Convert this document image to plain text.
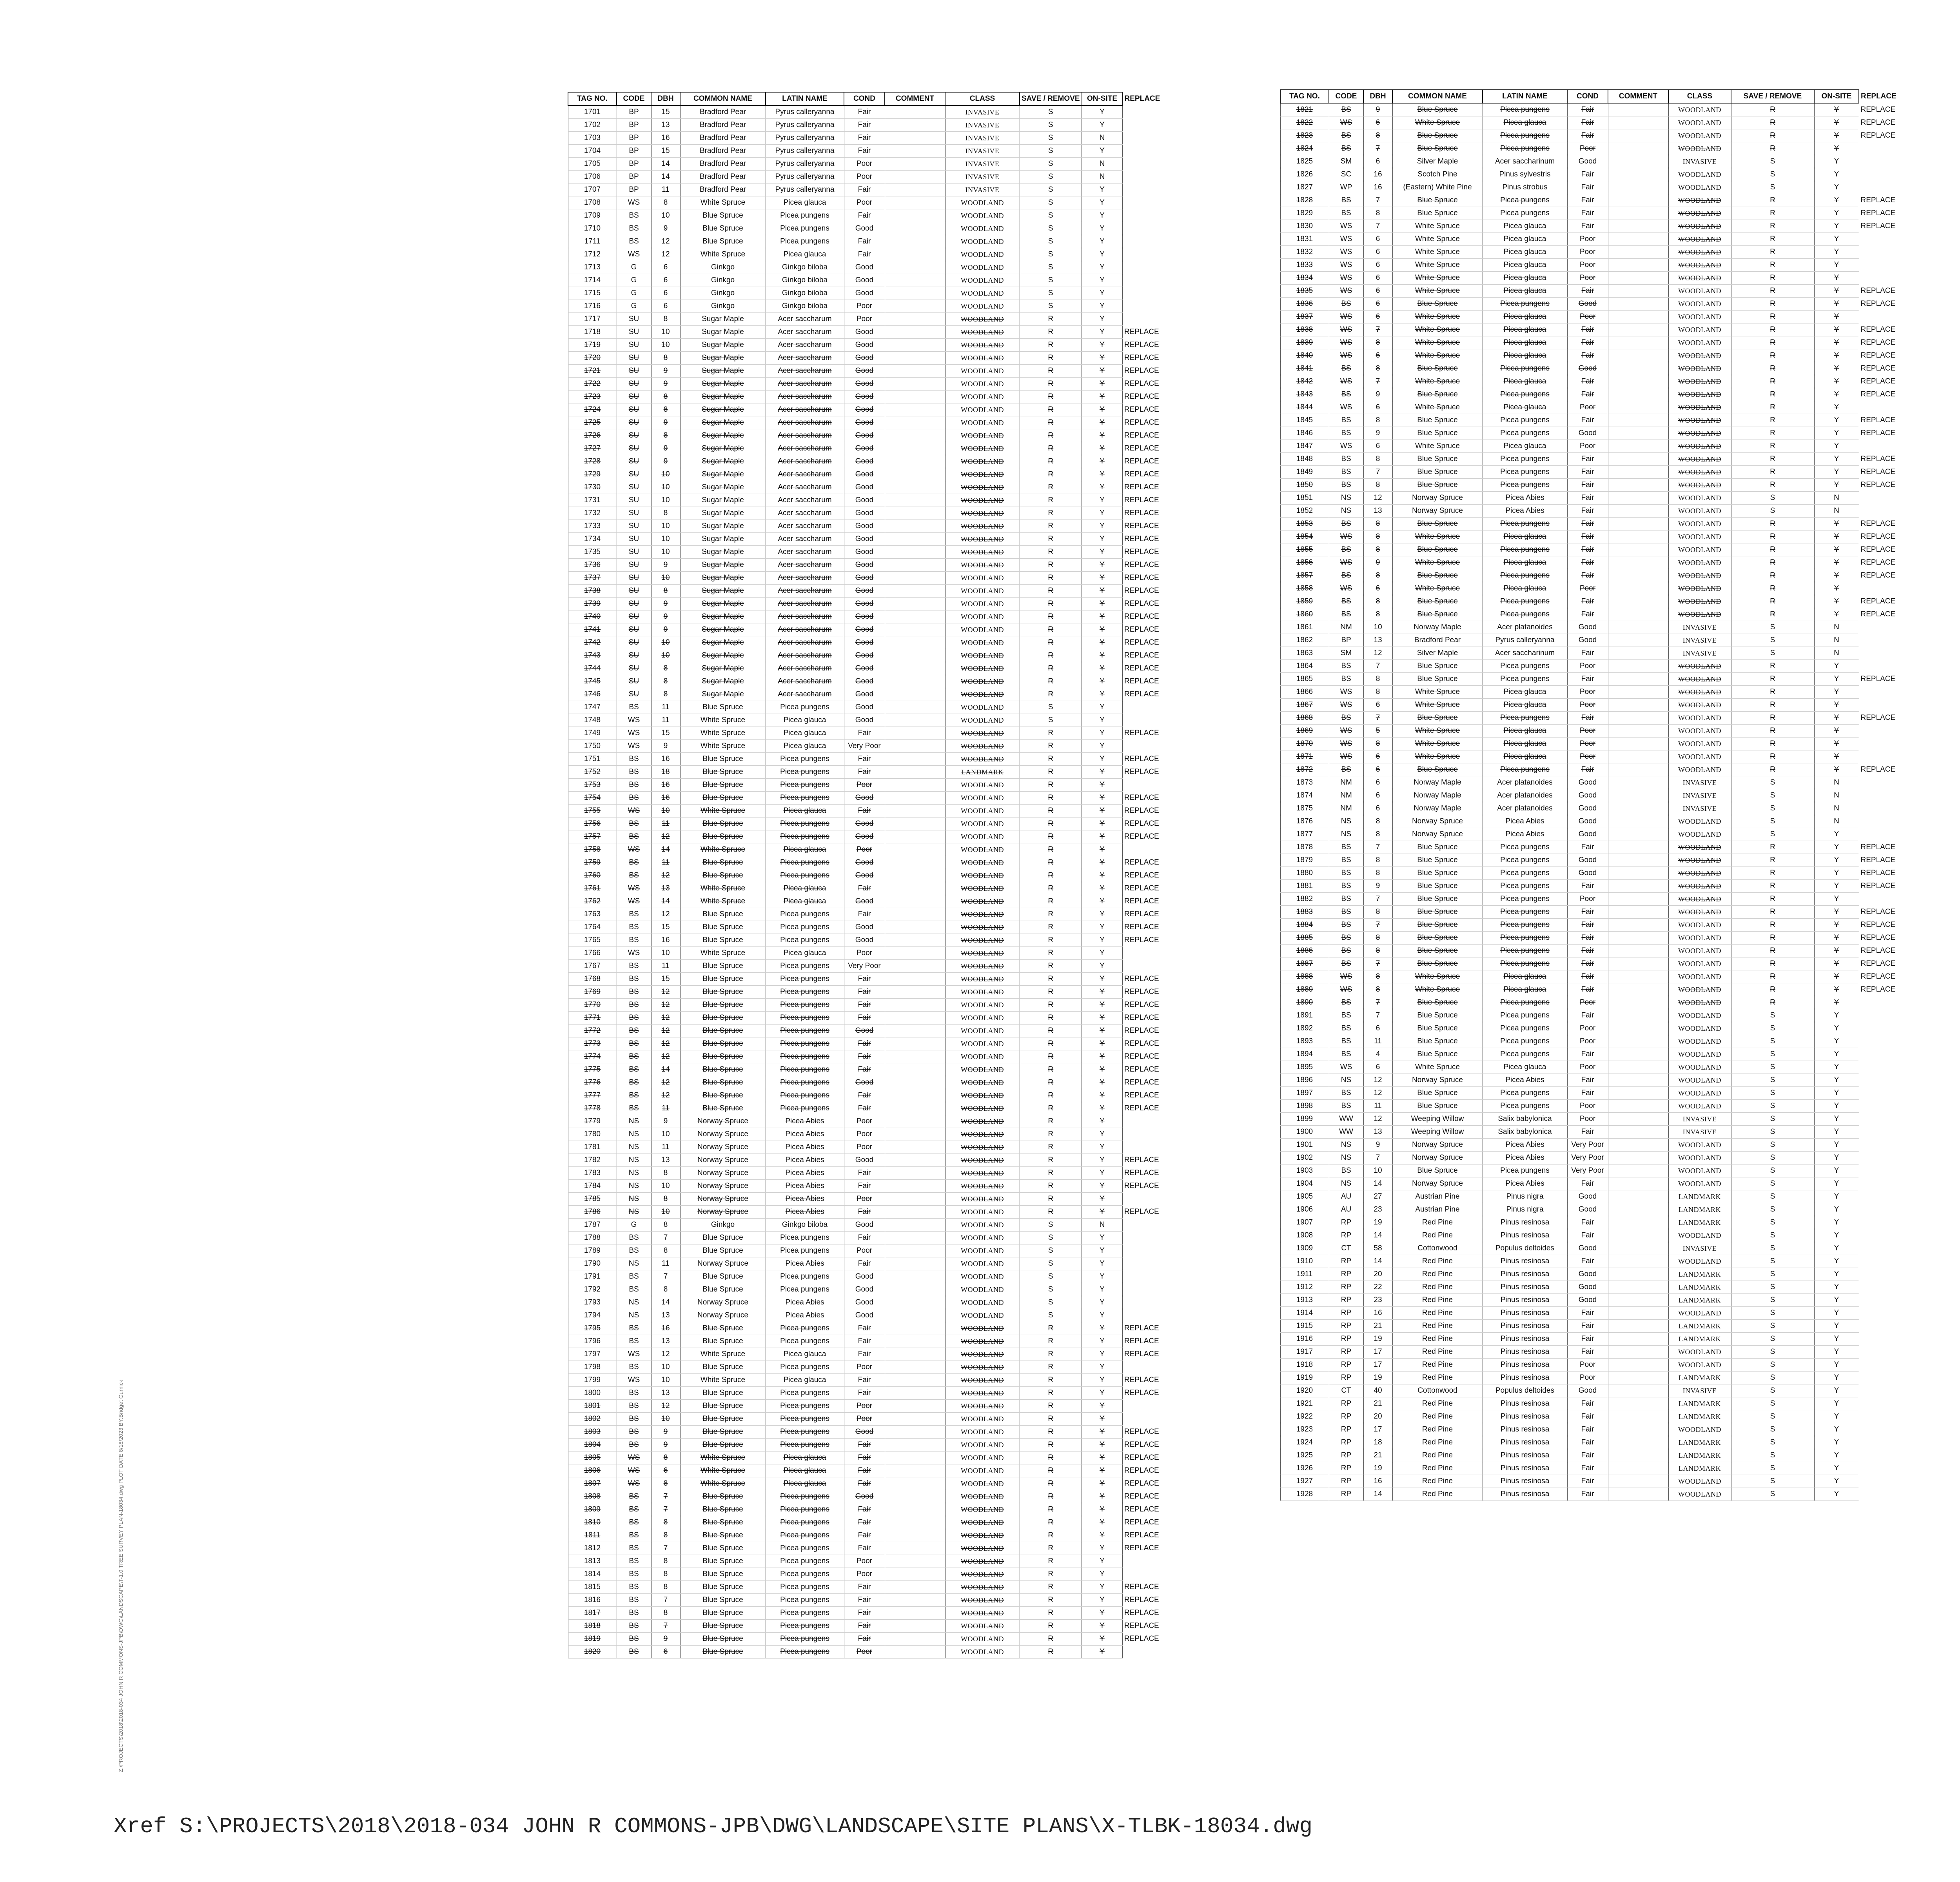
TAG NO.	CODE	DBH	COMMON NAME	LATIN NAME	COND	COMMENT	CLASS	SAVE / REMOVE	ON-SITE	REPLACE
1701	BP	15	Bradford Pear	Pyrus calleryanna	Fair		INVASIVE	S	Y	
1702	BP	13	Bradford Pear	Pyrus calleryanna	Fair		INVASIVE	S	Y	
1703	BP	16	Bradford Pear	Pyrus calleryanna	Fair		INVASIVE	S	N	
1704	BP	15	Bradford Pear	Pyrus calleryanna	Fair		INVASIVE	S	Y	
1705	BP	14	Bradford Pear	Pyrus calleryanna	Poor		INVASIVE	S	N	
1706	BP	14	Bradford Pear	Pyrus calleryanna	Poor		INVASIVE	S	N	
1707	BP	11	Bradford Pear	Pyrus calleryanna	Fair		INVASIVE	S	Y	
1708	WS	8	White Spruce	Picea glauca	Poor		WOODLAND	S	Y	
1709	BS	10	Blue Spruce	Picea pungens	Fair		WOODLAND	S	Y	
1710	BS	9	Blue Spruce	Picea pungens	Good		WOODLAND	S	Y	
1711	BS	12	Blue Spruce	Picea pungens	Fair		WOODLAND	S	Y	
1712	WS	12	White Spruce	Picea glauca	Fair		WOODLAND	S	Y	
1713	G	6	Ginkgo	Ginkgo biloba	Good		WOODLAND	S	Y	
1714	G	6	Ginkgo	Ginkgo biloba	Good		WOODLAND	S	Y	
1715	G	6	Ginkgo	Ginkgo biloba	Good		WOODLAND	S	Y	
1716	G	6	Ginkgo	Ginkgo biloba	Poor		WOODLAND	S	Y	
1717	SU	8	Sugar Maple	Acer saccharum	Poor		WOODLAND	R	Y	
1718	SU	10	Sugar Maple	Acer saccharum	Good		WOODLAND	R	Y	REPLACE
1719	SU	10	Sugar Maple	Acer saccharum	Good		WOODLAND	R	Y	REPLACE
1720	SU	8	Sugar Maple	Acer saccharum	Good		WOODLAND	R	Y	REPLACE
1721	SU	9	Sugar Maple	Acer saccharum	Good		WOODLAND	R	Y	REPLACE
1722	SU	9	Sugar Maple	Acer saccharum	Good		WOODLAND	R	Y	REPLACE
1723	SU	8	Sugar Maple	Acer saccharum	Good		WOODLAND	R	Y	REPLACE
1724	SU	8	Sugar Maple	Acer saccharum	Good		WOODLAND	R	Y	REPLACE
1725	SU	9	Sugar Maple	Acer saccharum	Good		WOODLAND	R	Y	REPLACE
1726	SU	8	Sugar Maple	Acer saccharum	Good		WOODLAND	R	Y	REPLACE
1727	SU	9	Sugar Maple	Acer saccharum	Good		WOODLAND	R	Y	REPLACE
1728	SU	9	Sugar Maple	Acer saccharum	Good		WOODLAND	R	Y	REPLACE
1729	SU	10	Sugar Maple	Acer saccharum	Good		WOODLAND	R	Y	REPLACE
1730	SU	10	Sugar Maple	Acer saccharum	Good		WOODLAND	R	Y	REPLACE
1731	SU	10	Sugar Maple	Acer saccharum	Good		WOODLAND	R	Y	REPLACE
1732	SU	8	Sugar Maple	Acer saccharum	Good		WOODLAND	R	Y	REPLACE
1733	SU	10	Sugar Maple	Acer saccharum	Good		WOODLAND	R	Y	REPLACE
1734	SU	10	Sugar Maple	Acer saccharum	Good		WOODLAND	R	Y	REPLACE
1735	SU	10	Sugar Maple	Acer saccharum	Good		WOODLAND	R	Y	REPLACE
1736	SU	9	Sugar Maple	Acer saccharum	Good		WOODLAND	R	Y	REPLACE
1737	SU	10	Sugar Maple	Acer saccharum	Good		WOODLAND	R	Y	REPLACE
1738	SU	8	Sugar Maple	Acer saccharum	Good		WOODLAND	R	Y	REPLACE
1739	SU	9	Sugar Maple	Acer saccharum	Good		WOODLAND	R	Y	REPLACE
1740	SU	9	Sugar Maple	Acer saccharum	Good		WOODLAND	R	Y	REPLACE
1741	SU	9	Sugar Maple	Acer saccharum	Good		WOODLAND	R	Y	REPLACE
1742	SU	10	Sugar Maple	Acer saccharum	Good		WOODLAND	R	Y	REPLACE
1743	SU	10	Sugar Maple	Acer saccharum	Good		WOODLAND	R	Y	REPLACE
1744	SU	8	Sugar Maple	Acer saccharum	Good		WOODLAND	R	Y	REPLACE
1745	SU	8	Sugar Maple	Acer saccharum	Good		WOODLAND	R	Y	REPLACE
1746	SU	8	Sugar Maple	Acer saccharum	Good		WOODLAND	R	Y	REPLACE
1747	BS	11	Blue Spruce	Picea pungens	Good		WOODLAND	S	Y	
1748	WS	11	White Spruce	Picea glauca	Good		WOODLAND	S	Y	
1749	WS	15	White Spruce	Picea glauca	Fair		WOODLAND	R	Y	REPLACE
1750	WS	9	White Spruce	Picea glauca	Very Poor		WOODLAND	R	Y	
1751	BS	16	Blue Spruce	Picea pungens	Fair		WOODLAND	R	Y	REPLACE
1752	BS	18	Blue Spruce	Picea pungens	Fair		LANDMARK	R	Y	REPLACE
1753	BS	16	Blue Spruce	Picea pungens	Poor		WOODLAND	R	Y	
1754	BS	16	Blue Spruce	Picea pungens	Good		WOODLAND	R	Y	REPLACE
1755	WS	10	White Spruce	Picea glauca	Fair		WOODLAND	R	Y	REPLACE
1756	BS	11	Blue Spruce	Picea pungens	Good		WOODLAND	R	Y	REPLACE
1757	BS	12	Blue Spruce	Picea pungens	Good		WOODLAND	R	Y	REPLACE
1758	WS	14	White Spruce	Picea glauca	Poor		WOODLAND	R	Y	
1759	BS	11	Blue Spruce	Picea pungens	Good		WOODLAND	R	Y	REPLACE
1760	BS	12	Blue Spruce	Picea pungens	Good		WOODLAND	R	Y	REPLACE
1761	WS	13	White Spruce	Picea glauca	Fair		WOODLAND	R	Y	REPLACE
1762	WS	14	White Spruce	Picea glauca	Good		WOODLAND	R	Y	REPLACE
1763	BS	12	Blue Spruce	Picea pungens	Fair		WOODLAND	R	Y	REPLACE
1764	BS	15	Blue Spruce	Picea pungens	Good		WOODLAND	R	Y	REPLACE
1765	BS	16	Blue Spruce	Picea pungens	Good		WOODLAND	R	Y	REPLACE
1766	WS	10	White Spruce	Picea glauca	Poor		WOODLAND	R	Y	
1767	BS	11	Blue Spruce	Picea pungens	Very Poor		WOODLAND	R	Y	
1768	BS	15	Blue Spruce	Picea pungens	Fair		WOODLAND	R	Y	REPLACE
1769	BS	12	Blue Spruce	Picea pungens	Fair		WOODLAND	R	Y	REPLACE
1770	BS	12	Blue Spruce	Picea pungens	Fair		WOODLAND	R	Y	REPLACE
1771	BS	12	Blue Spruce	Picea pungens	Fair		WOODLAND	R	Y	REPLACE
1772	BS	12	Blue Spruce	Picea pungens	Good		WOODLAND	R	Y	REPLACE
1773	BS	12	Blue Spruce	Picea pungens	Fair		WOODLAND	R	Y	REPLACE
1774	BS	12	Blue Spruce	Picea pungens	Fair		WOODLAND	R	Y	REPLACE
1775	BS	14	Blue Spruce	Picea pungens	Fair		WOODLAND	R	Y	REPLACE
1776	BS	12	Blue Spruce	Picea pungens	Good		WOODLAND	R	Y	REPLACE
1777	BS	12	Blue Spruce	Picea pungens	Fair		WOODLAND	R	Y	REPLACE
1778	BS	11	Blue Spruce	Picea pungens	Fair		WOODLAND	R	Y	REPLACE
1779	NS	9	Norway Spruce	Picea Abies	Poor		WOODLAND	R	Y	
1780	NS	10	Norway Spruce	Picea Abies	Poor		WOODLAND	R	Y	
1781	NS	11	Norway Spruce	Picea Abies	Poor		WOODLAND	R	Y	
1782	NS	13	Norway Spruce	Picea Abies	Good		WOODLAND	R	Y	REPLACE
1783	NS	8	Norway Spruce	Picea Abies	Fair		WOODLAND	R	Y	REPLACE
1784	NS	10	Norway Spruce	Picea Abies	Fair		WOODLAND	R	Y	REPLACE
1785	NS	8	Norway Spruce	Picea Abies	Poor		WOODLAND	R	Y	
1786	NS	10	Norway Spruce	Picea Abies	Fair		WOODLAND	R	Y	REPLACE
1787	G	8	Ginkgo	Ginkgo biloba	Good		WOODLAND	S	N	
1788	BS	7	Blue Spruce	Picea pungens	Fair		WOODLAND	S	Y	
1789	BS	8	Blue Spruce	Picea pungens	Poor		WOODLAND	S	Y	
1790	NS	11	Norway Spruce	Picea Abies	Fair		WOODLAND	S	Y	
1791	BS	7	Blue Spruce	Picea pungens	Good		WOODLAND	S	Y	
1792	BS	8	Blue Spruce	Picea pungens	Good		WOODLAND	S	Y	
1793	NS	14	Norway Spruce	Picea Abies	Good		WOODLAND	S	Y	
1794	NS	13	Norway Spruce	Picea Abies	Good		WOODLAND	S	Y	
1795	BS	16	Blue Spruce	Picea pungens	Fair		WOODLAND	R	Y	REPLACE
1796	BS	13	Blue Spruce	Picea pungens	Fair		WOODLAND	R	Y	REPLACE
1797	WS	12	White Spruce	Picea glauca	Fair		WOODLAND	R	Y	REPLACE
1798	BS	10	Blue Spruce	Picea pungens	Poor		WOODLAND	R	Y	
1799	WS	10	White Spruce	Picea glauca	Fair		WOODLAND	R	Y	REPLACE
1800	BS	13	Blue Spruce	Picea pungens	Fair		WOODLAND	R	Y	REPLACE
1801	BS	12	Blue Spruce	Picea pungens	Poor		WOODLAND	R	Y	
1802	BS	10	Blue Spruce	Picea pungens	Poor		WOODLAND	R	Y	
1803	BS	9	Blue Spruce	Picea pungens	Good		WOODLAND	R	Y	REPLACE
1804	BS	9	Blue Spruce	Picea pungens	Fair		WOODLAND	R	Y	REPLACE
1805	WS	8	White Spruce	Picea glauca	Fair		WOODLAND	R	Y	REPLACE
1806	WS	6	White Spruce	Picea glauca	Fair		WOODLAND	R	Y	REPLACE
1807	WS	8	White Spruce	Picea glauca	Fair		WOODLAND	R	Y	REPLACE
1808	BS	7	Blue Spruce	Picea pungens	Good		WOODLAND	R	Y	REPLACE
1809	BS	7	Blue Spruce	Picea pungens	Fair		WOODLAND	R	Y	REPLACE
1810	BS	8	Blue Spruce	Picea pungens	Fair		WOODLAND	R	Y	REPLACE
1811	BS	8	Blue Spruce	Picea pungens	Fair		WOODLAND	R	Y	REPLACE
1812	BS	7	Blue Spruce	Picea pungens	Fair		WOODLAND	R	Y	REPLACE
1813	BS	8	Blue Spruce	Picea pungens	Poor		WOODLAND	R	Y	
1814	BS	8	Blue Spruce	Picea pungens	Poor		WOODLAND	R	Y	
1815	BS	8	Blue Spruce	Picea pungens	Fair		WOODLAND	R	Y	REPLACE
1816	BS	7	Blue Spruce	Picea pungens	Fair		WOODLAND	R	Y	REPLACE
1817	BS	8	Blue Spruce	Picea pungens	Fair		WOODLAND	R	Y	REPLACE
1818	BS	7	Blue Spruce	Picea pungens	Fair		WOODLAND	R	Y	REPLACE
1819	BS	9	Blue Spruce	Picea pungens	Fair		WOODLAND	R	Y	REPLACE
1820	BS	6	Blue Spruce	Picea pungens	Poor		WOODLAND	R	Y	
TAG NO.	CODE	DBH	COMMON NAME	LATIN NAME	COND	COMMENT	CLASS	SAVE / REMOVE	ON-SITE	REPLACE
1821	BS	9	Blue Spruce	Picea pungens	Fair		WOODLAND	R	Y	REPLACE
1822	WS	6	White Spruce	Picea glauca	Fair		WOODLAND	R	Y	REPLACE
1823	BS	8	Blue Spruce	Picea pungens	Fair		WOODLAND	R	Y	REPLACE
1824	BS	7	Blue Spruce	Picea pungens	Poor		WOODLAND	R	Y	
1825	SM	6	Silver Maple	Acer saccharinum	Good		INVASIVE	S	Y	
1826	SC	16	Scotch Pine	Pinus sylvestris	Fair		WOODLAND	S	Y	
1827	WP	16	(Eastern) White Pine	Pinus strobus	Fair		WOODLAND	S	Y	
1828	BS	7	Blue Spruce	Picea pungens	Fair		WOODLAND	R	Y	REPLACE
1829	BS	8	Blue Spruce	Picea pungens	Fair		WOODLAND	R	Y	REPLACE
1830	WS	7	White Spruce	Picea glauca	Fair		WOODLAND	R	Y	REPLACE
1831	WS	6	White Spruce	Picea glauca	Poor		WOODLAND	R	Y	
1832	WS	6	White Spruce	Picea glauca	Poor		WOODLAND	R	Y	
1833	WS	6	White Spruce	Picea glauca	Poor		WOODLAND	R	Y	
1834	WS	6	White Spruce	Picea glauca	Poor		WOODLAND	R	Y	
1835	WS	6	White Spruce	Picea glauca	Fair		WOODLAND	R	Y	REPLACE
1836	BS	6	Blue Spruce	Picea pungens	Good		WOODLAND	R	Y	REPLACE
1837	WS	6	White Spruce	Picea glauca	Poor		WOODLAND	R	Y	
1838	WS	7	White Spruce	Picea glauca	Fair		WOODLAND	R	Y	REPLACE
1839	WS	8	White Spruce	Picea glauca	Fair		WOODLAND	R	Y	REPLACE
1840	WS	6	White Spruce	Picea glauca	Fair		WOODLAND	R	Y	REPLACE
1841	BS	8	Blue Spruce	Picea pungens	Good		WOODLAND	R	Y	REPLACE
1842	WS	7	White Spruce	Picea glauca	Fair		WOODLAND	R	Y	REPLACE
1843	BS	9	Blue Spruce	Picea pungens	Fair		WOODLAND	R	Y	REPLACE
1844	WS	6	White Spruce	Picea glauca	Poor		WOODLAND	R	Y	
1845	BS	8	Blue Spruce	Picea pungens	Fair		WOODLAND	R	Y	REPLACE
1846	BS	9	Blue Spruce	Picea pungens	Good		WOODLAND	R	Y	REPLACE
1847	WS	6	White Spruce	Picea glauca	Poor		WOODLAND	R	Y	
1848	BS	8	Blue Spruce	Picea pungens	Fair		WOODLAND	R	Y	REPLACE
1849	BS	7	Blue Spruce	Picea pungens	Fair		WOODLAND	R	Y	REPLACE
1850	BS	8	Blue Spruce	Picea pungens	Fair		WOODLAND	R	Y	REPLACE
1851	NS	12	Norway Spruce	Picea Abies	Fair		WOODLAND	S	N	
1852	NS	13	Norway Spruce	Picea Abies	Fair		WOODLAND	S	N	
1853	BS	8	Blue Spruce	Picea pungens	Fair		WOODLAND	R	Y	REPLACE
1854	WS	8	White Spruce	Picea glauca	Fair		WOODLAND	R	Y	REPLACE
1855	BS	8	Blue Spruce	Picea pungens	Fair		WOODLAND	R	Y	REPLACE
1856	WS	9	White Spruce	Picea glauca	Fair		WOODLAND	R	Y	REPLACE
1857	BS	8	Blue Spruce	Picea pungens	Fair		WOODLAND	R	Y	REPLACE
1858	WS	6	White Spruce	Picea glauca	Poor		WOODLAND	R	Y	
1859	BS	8	Blue Spruce	Picea pungens	Fair		WOODLAND	R	Y	REPLACE
1860	BS	8	Blue Spruce	Picea pungens	Fair		WOODLAND	R	Y	REPLACE
1861	NM	10	Norway Maple	Acer platanoides	Good		INVASIVE	S	N	
1862	BP	13	Bradford Pear	Pyrus calleryanna	Good		INVASIVE	S	N	
1863	SM	12	Silver Maple	Acer saccharinum	Fair		INVASIVE	S	N	
1864	BS	7	Blue Spruce	Picea pungens	Poor		WOODLAND	R	Y	
1865	BS	8	Blue Spruce	Picea pungens	Fair		WOODLAND	R	Y	REPLACE
1866	WS	8	White Spruce	Picea glauca	Poor		WOODLAND	R	Y	
1867	WS	6	White Spruce	Picea glauca	Poor		WOODLAND	R	Y	
1868	BS	7	Blue Spruce	Picea pungens	Fair		WOODLAND	R	Y	REPLACE
1869	WS	5	White Spruce	Picea glauca	Poor		WOODLAND	R	Y	
1870	WS	8	White Spruce	Picea glauca	Poor		WOODLAND	R	Y	
1871	WS	6	White Spruce	Picea glauca	Poor		WOODLAND	R	Y	
1872	BS	6	Blue Spruce	Picea pungens	Fair		WOODLAND	R	Y	REPLACE
1873	NM	6	Norway Maple	Acer platanoides	Good		INVASIVE	S	N	
1874	NM	6	Norway Maple	Acer platanoides	Good		INVASIVE	S	N	
1875	NM	6	Norway Maple	Acer platanoides	Good		INVASIVE	S	N	
1876	NS	8	Norway Spruce	Picea Abies	Good		WOODLAND	S	N	
1877	NS	8	Norway Spruce	Picea Abies	Good		WOODLAND	S	Y	
1878	BS	7	Blue Spruce	Picea pungens	Fair		WOODLAND	R	Y	REPLACE
1879	BS	8	Blue Spruce	Picea pungens	Good		WOODLAND	R	Y	REPLACE
1880	BS	8	Blue Spruce	Picea pungens	Good		WOODLAND	R	Y	REPLACE
1881	BS	9	Blue Spruce	Picea pungens	Fair		WOODLAND	R	Y	REPLACE
1882	BS	7	Blue Spruce	Picea pungens	Poor		WOODLAND	R	Y	
1883	BS	8	Blue Spruce	Picea pungens	Fair		WOODLAND	R	Y	REPLACE
1884	BS	7	Blue Spruce	Picea pungens	Fair		WOODLAND	R	Y	REPLACE
1885	BS	8	Blue Spruce	Picea pungens	Fair		WOODLAND	R	Y	REPLACE
1886	BS	8	Blue Spruce	Picea pungens	Fair		WOODLAND	R	Y	REPLACE
1887	BS	7	Blue Spruce	Picea pungens	Fair		WOODLAND	R	Y	REPLACE
1888	WS	8	White Spruce	Picea glauca	Fair		WOODLAND	R	Y	REPLACE
1889	WS	8	White Spruce	Picea glauca	Fair		WOODLAND	R	Y	REPLACE
1890	BS	7	Blue Spruce	Picea pungens	Poor		WOODLAND	R	Y	
1891	BS	7	Blue Spruce	Picea pungens	Fair		WOODLAND	S	Y	
1892	BS	6	Blue Spruce	Picea pungens	Poor		WOODLAND	S	Y	
1893	BS	11	Blue Spruce	Picea pungens	Poor		WOODLAND	S	Y	
1894	BS	4	Blue Spruce	Picea pungens	Fair		WOODLAND	S	Y	
1895	WS	6	White Spruce	Picea glauca	Poor		WOODLAND	S	Y	
1896	NS	12	Norway Spruce	Picea Abies	Fair		WOODLAND	S	Y	
1897	BS	12	Blue Spruce	Picea pungens	Fair		WOODLAND	S	Y	
1898	BS	11	Blue Spruce	Picea pungens	Poor		WOODLAND	S	Y	
1899	WW	12	Weeping Willow	Salix babylonica	Poor		INVASIVE	S	Y	
1900	WW	13	Weeping Willow	Salix babylonica	Fair		INVASIVE	S	Y	
1901	NS	9	Norway Spruce	Picea Abies	Very Poor		WOODLAND	S	Y	
1902	NS	7	Norway Spruce	Picea Abies	Very Poor		WOODLAND	S	Y	
1903	BS	10	Blue Spruce	Picea pungens	Very Poor		WOODLAND	S	Y	
1904	NS	14	Norway Spruce	Picea Abies	Fair		WOODLAND	S	Y	
1905	AU	27	Austrian Pine	Pinus nigra	Good		LANDMARK	S	Y	
1906	AU	23	Austrian Pine	Pinus nigra	Good		LANDMARK	S	Y	
1907	RP	19	Red Pine	Pinus resinosa	Fair		LANDMARK	S	Y	
1908	RP	14	Red Pine	Pinus resinosa	Fair		WOODLAND	S	Y	
1909	CT	58	Cottonwood	Populus deltoides	Good		INVASIVE	S	Y	
1910	RP	14	Red Pine	Pinus resinosa	Fair		WOODLAND	S	Y	
1911	RP	20	Red Pine	Pinus resinosa	Good		LANDMARK	S	Y	
1912	RP	22	Red Pine	Pinus resinosa	Good		LANDMARK	S	Y	
1913	RP	23	Red Pine	Pinus resinosa	Good		LANDMARK	S	Y	
1914	RP	16	Red Pine	Pinus resinosa	Fair		WOODLAND	S	Y	
1915	RP	21	Red Pine	Pinus resinosa	Fair		LANDMARK	S	Y	
1916	RP	19	Red Pine	Pinus resinosa	Fair		LANDMARK	S	Y	
1917	RP	17	Red Pine	Pinus resinosa	Fair		WOODLAND	S	Y	
1918	RP	17	Red Pine	Pinus resinosa	Poor		WOODLAND	S	Y	
1919	RP	19	Red Pine	Pinus resinosa	Poor		LANDMARK	S	Y	
1920	CT	40	Cottonwood	Populus deltoides	Good		INVASIVE	S	Y	
1921	RP	21	Red Pine	Pinus resinosa	Fair		LANDMARK	S	Y	
1922	RP	20	Red Pine	Pinus resinosa	Fair		LANDMARK	S	Y	
1923	RP	17	Red Pine	Pinus resinosa	Fair		WOODLAND	S	Y	
1924	RP	18	Red Pine	Pinus resinosa	Fair		LANDMARK	S	Y	
1925	RP	21	Red Pine	Pinus resinosa	Fair		LANDMARK	S	Y	
1926	RP	19	Red Pine	Pinus resinosa	Fair		LANDMARK	S	Y	
1927	RP	16	Red Pine	Pinus resinosa	Fair		WOODLAND	S	Y	
1928	RP	14	Red Pine	Pinus resinosa	Fair		WOODLAND	S	Y	
Xref S:\PROJECTS\2018\2018-034 JOHN R COMMONS-JPB\DWG\LANDSCAPE\SITE PLANS\X-TLBK-18034.dwg
Z:\PROJECTS\2018\2018-034 JOHN R COMMONS-JPB\DWG\LANDSCAPE\T-1.0 TREE SURVEY PLAN-18034.dwg PLOT DATE 8/18/2023 BY:Bridget Gurnick
